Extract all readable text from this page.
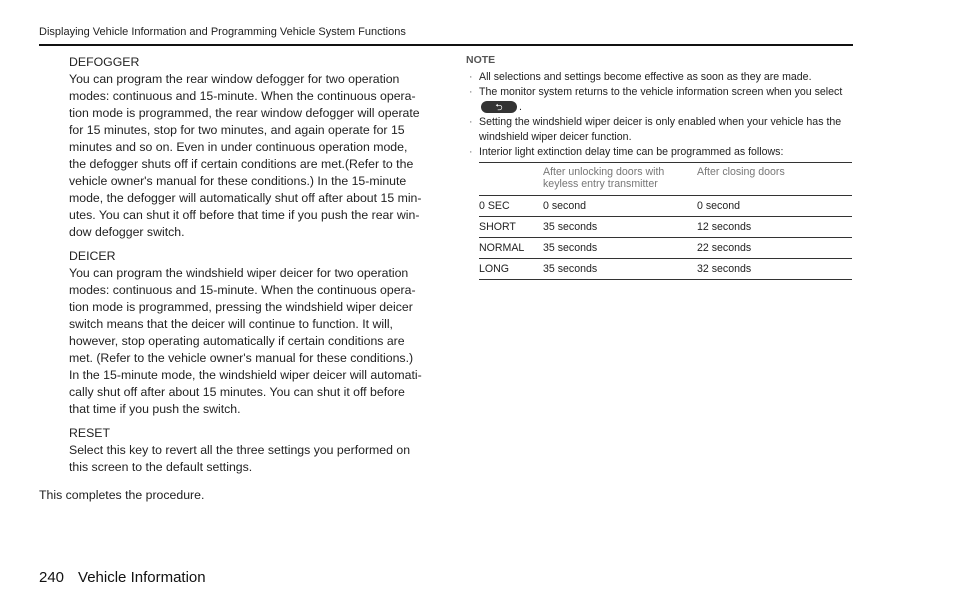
Displaying Vehicle Information and Programming Vehicle System Functions

DEFOGGER

You can program the rear window defogger for two operation modes: continuous and 15-minute. When the continuous opera-tion mode is programmed, the rear window defogger will operate for 15 minutes, stop for two minutes, and again operate for 15 minutes and so on. Even in under continuous operation mode, the defogger shuts off if certain conditions are met.(Refer to the vehicle owner's manual for these conditions.) In the 15-minute mode, the defogger will automatically shut off after about 15 min-utes. You can shut it off before that time if you push the rear win-dow defogger switch.

DEICER

You can program the windshield wiper deicer for two operation modes: continuous and 15-minute. When the continuous opera-tion mode is programmed, pressing the windshield wiper deicer switch means that the deicer will continue to function. It will, however, stop operating automatically if certain conditions are met. (Refer to the vehicle owner's manual for these conditions.) In the 15-minute mode, the windshield wiper deicer will automati-cally shut off after about 15 minutes. You can shut it off before that time if you push the switch.

RESET

Select this key to revert all the three settings you performed on this screen to the default settings.

This completes the procedure.

NOTE

· All selections and settings become effective as soon as they are made.
· The monitor system returns to the vehicle information screen when you select ⮌ .
· Setting the windshield wiper deicer is only enabled when your vehicle has the windshield wiper deicer function.
· Interior light extinction delay time can be programmed as follows:
	After unlocking doors with keyless entry transmitter	After closing doors
0 SEC	0 second	0 second
SHORT	35 seconds	12 seconds
NORMAL	35 seconds	22 seconds
LONG	35 seconds	32 seconds
240 Vehicle Information
